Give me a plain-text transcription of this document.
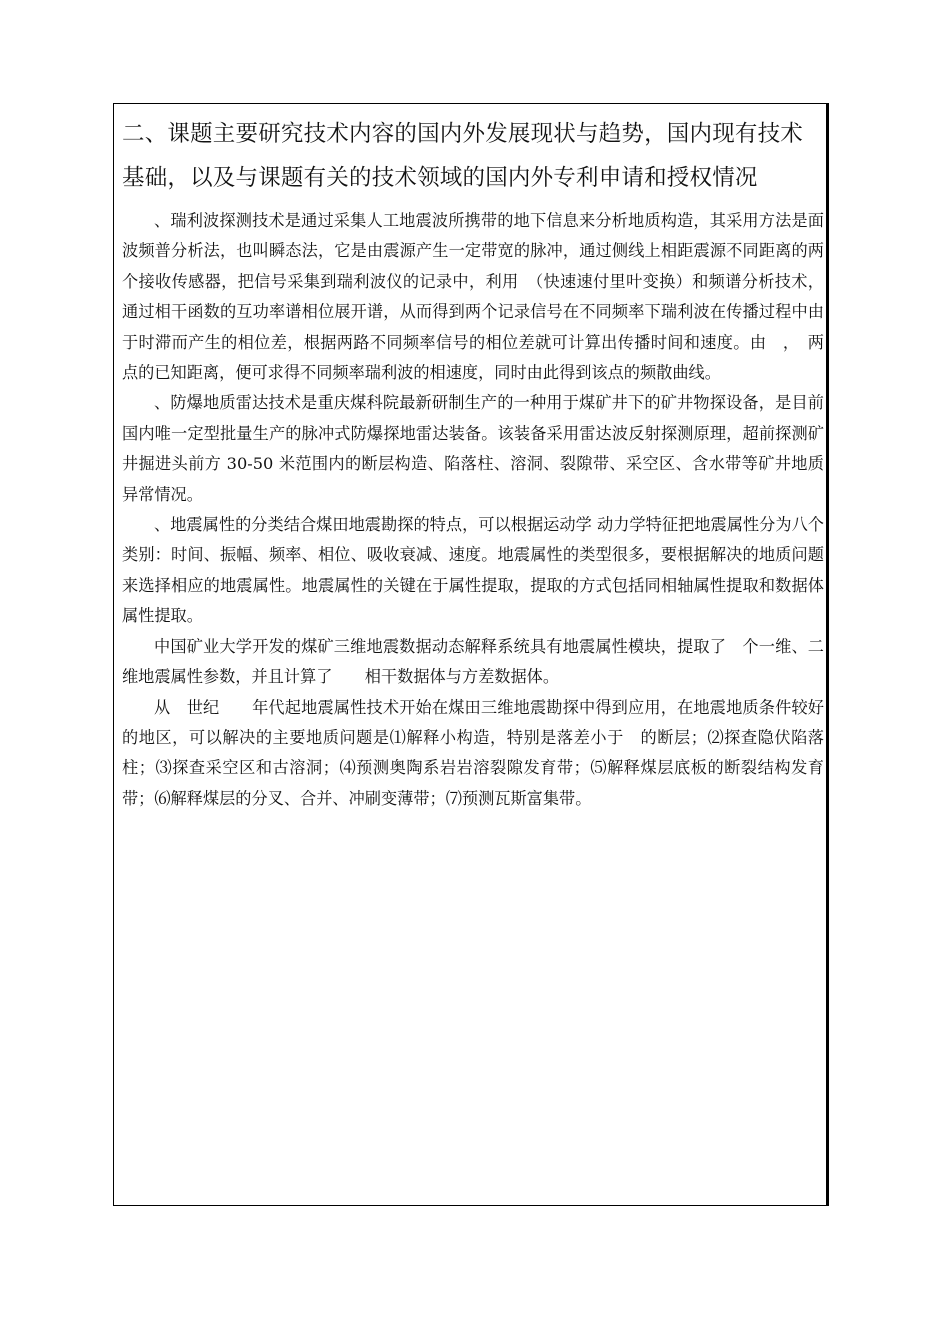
二、课题主要研究技术内容的国内外发展现状与趋势，国内现有技术基础，以及与课题有关的技术领域的国内外专利申请和授权情况

、瑞利波探测技术是通过采集人工地震波所携带的地下信息来分析地质构造，其采用方法是面波频普分析法，也叫瞬态法，它是由震源产生一定带宽的脉冲，通过侧线上相距震源不同距离的两个接收传感器，把信号采集到瑞利波仪的记录中，利用　（快速速付里叶变换）和频谱分析技术，通过相干函数的互功率谱相位展开谱，从而得到两个记录信号在不同频率下瑞利波在传播过程中由于时滞而产生的相位差，根据两路不同频率信号的相位差就可计算出传播时间和速度。由　，　两点的已知距离，便可求得不同频率瑞利波的相速度，同时由此得到该点的频散曲线。

、防爆地质雷达技术是重庆煤科院最新研制生产的一种用于煤矿井下的矿井物探设备，是目前国内唯一定型批量生产的脉冲式防爆探地雷达装备。该装备采用雷达波反射探测原理，超前探测矿井掘进头前方 30-50 米范围内的断层构造、陷落柱、溶洞、裂隙带、采空区、含水带等矿井地质异常情况。

、地震属性的分类结合煤田地震勘探的特点，可以根据运动学 动力学特征把地震属性分为八个类别：时间、振幅、频率、相位、吸收衰减、速度。地震属性的类型很多，要根据解决的地质问题来选择相应的地震属性。地震属性的关键在于属性提取，提取的方式包括同相轴属性提取和数据体属性提取。

中国矿业大学开发的煤矿三维地震数据动态解释系统具有地震属性模块，提取了　个一维、二维地震属性参数，并且计算了　　相干数据体与方差数据体。

从　世纪　　年代起地震属性技术开始在煤田三维地震勘探中得到应用，在地震地质条件较好的地区，可以解决的主要地质问题是⑴解释小构造，特别是落差小于　的断层；⑵探查隐伏陷落柱；⑶探查采空区和古溶洞；⑷预测奥陶系岩岩溶裂隙发育带；⑸解释煤层底板的断裂结构发育带；⑹解释煤层的分叉、合并、冲刷变薄带；⑺预测瓦斯富集带。
